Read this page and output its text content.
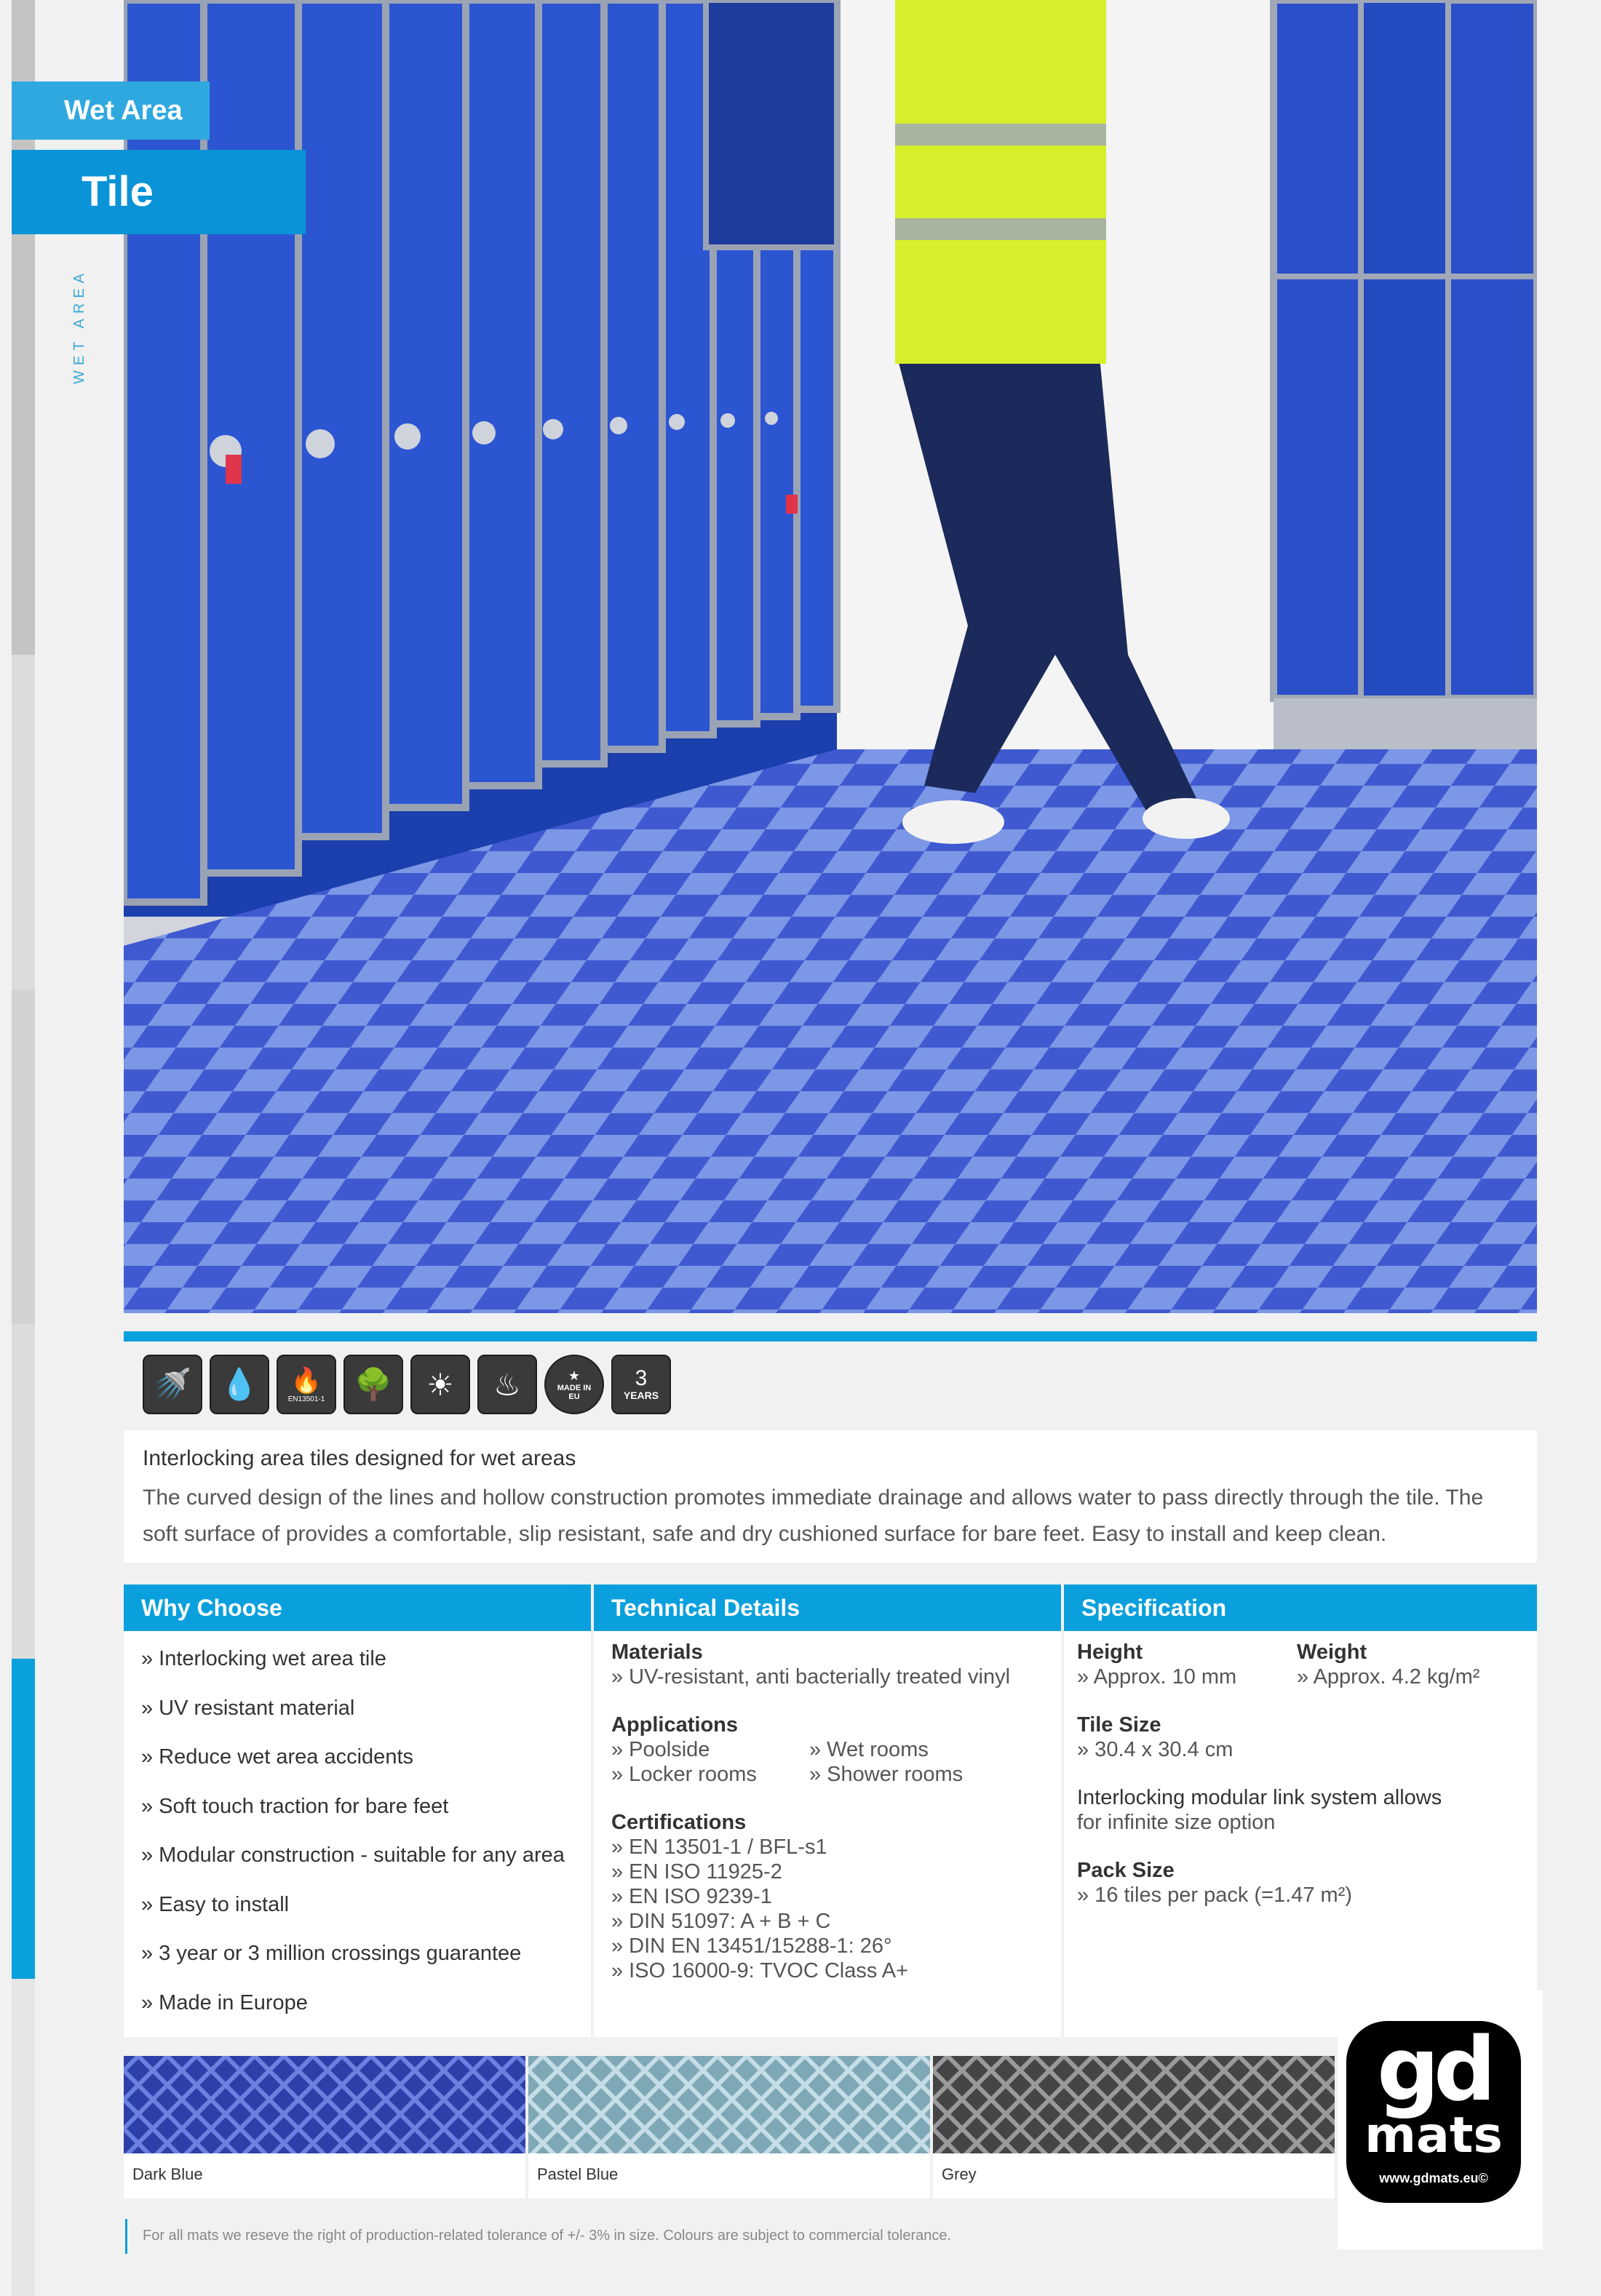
WET AREA
Wet Area
Tile
🚿 💧 🔥
EN13501-1 🌳 ☀ ♨	★
MADE IN EU
3
YEARS
Interlocking area tiles designed for wet areas
The curved design of the lines and hollow construction promotes immediate drainage and allows water to pass directly through the tile. The soft surface of provides a comfortable, slip resistant, safe and dry cushioned surface for bare feet. Easy to install and keep clean.
Why Choose
» Interlocking wet area tile
» UV resistant material
» Reduce wet area accidents
» Soft touch traction for bare feet
» Modular construction - suitable for any area
» Easy to install
» 3 year or 3 million crossings guarantee
» Made in Europe
Technical Details
Materials
» UV-resistant, anti bacterially treated vinyl
Applications
» Poolside	» Wet rooms
» Locker rooms	» Shower rooms
Certifications
» EN 13501-1 / BFL-s1
» EN ISO 11925-2
» EN ISO 9239-1
» DIN 51097: A + B + C
» DIN EN 13451/15288-1: 26°
» ISO 16000-9: TVOC Class A+
Specification
Height
» Approx. 10 mm
Weight
» Approx. 4.2 kg/m²
Tile Size
» 30.4 x 30.4 cm
Interlocking modular link system allows
for infinite size option
Pack Size
» 16 tiles per pack (=1.47 m²)
Dark Blue	Pastel Blue	Grey
gd
mats
www.gdmats.eu©
For all mats we reseve the right of production-related tolerance of +/- 3% in size. Colours are subject to commercial tolerance.
